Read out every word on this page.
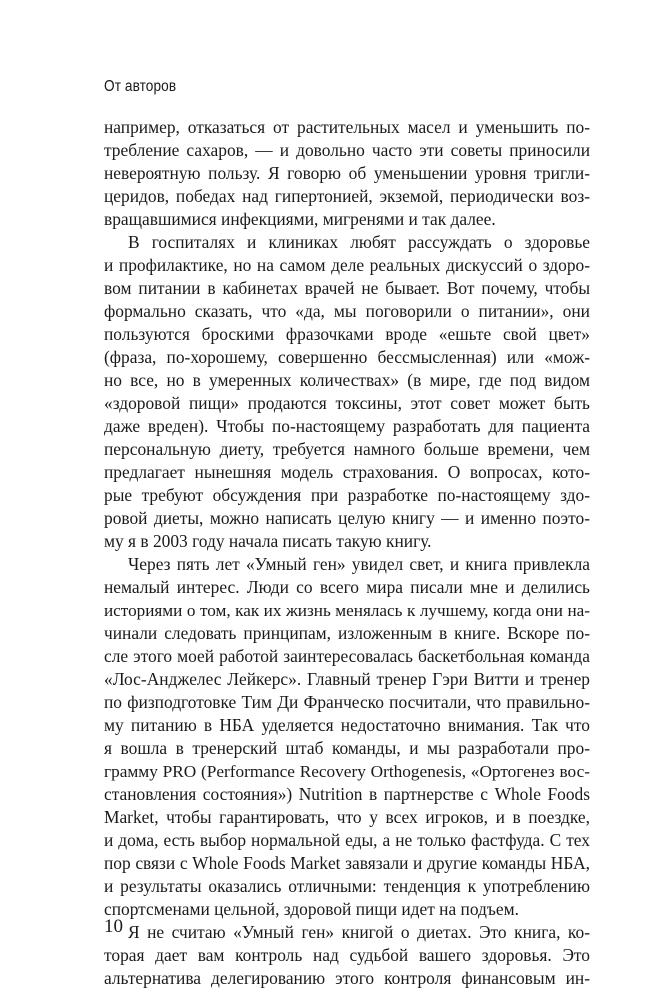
От авторов
например, отказаться от растительных масел и уменьшить по-
требление сахаров, — и довольно часто эти советы приносили
невероятную пользу. Я говорю об уменьшении уровня тригли-
церидов, победах над гипертонией, экземой, периодически воз-
вращавшимися инфекциями, мигренями и так далее.
В госпиталях и клиниках любят рассуждать о здоровье
и профилактике, но на самом деле реальных дискуссий о здоро-
вом питании в кабинетах врачей не бывает. Вот почему, чтобы
формально сказать, что «да, мы поговорили о питании», они
пользуются броскими фразочками вроде «ешьте свой цвет»
(фраза, по-хорошему, совершенно бессмысленная) или «мож-
но все, но в умеренных количествах» (в мире, где под видом
«здоровой пищи» продаются токсины, этот совет может быть
даже вреден). Чтобы по-настоящему разработать для пациента
персональную диету, требуется намного больше времени, чем
предлагает нынешняя модель страхования. О вопросах, кото-
рые требуют обсуждения при разработке по-настоящему здо-
ровой диеты, можно написать целую книгу — и именно поэто-
му я в 2003 году начала писать такую книгу.
Через пять лет «Умный ген» увидел свет, и книга привлекла
немалый интерес. Люди со всего мира писали мне и делились
историями о том, как их жизнь менялась к лучшему, когда они на-
чинали следовать принципам, изложенным в книге. Вскоре по-
сле этого моей работой заинтересовалась баскетбольная команда
«Лос-Анджелес Лейкерс». Главный тренер Гэри Витти и тренер
по физподготовке Тим Ди Франческо посчитали, что правильно-
му питанию в НБА уделяется недостаточно внимания. Так что
я вошла в тренерский штаб команды, и мы разработали про-
грамму PRO (Performance Recovery Orthogenesis, «Ортогенез вос-
становления состояния») Nutrition в партнерстве с Whole Foods
Market, чтобы гарантировать, что у всех игроков, и в поездке,
и дома, есть выбор нормальной еды, а не только фастфуда. С тех
пор связи с Whole Foods Market завязали и другие команды НБА,
и результаты оказались отличными: тенденция к употреблению
спортсменами цельной, здоровой пищи идет на подъем.
Я не считаю «Умный ген» книгой о диетах. Это книга, ко-
торая дает вам контроль над судьбой вашего здоровья. Это
альтернатива делегированию этого контроля финансовым ин-
10
